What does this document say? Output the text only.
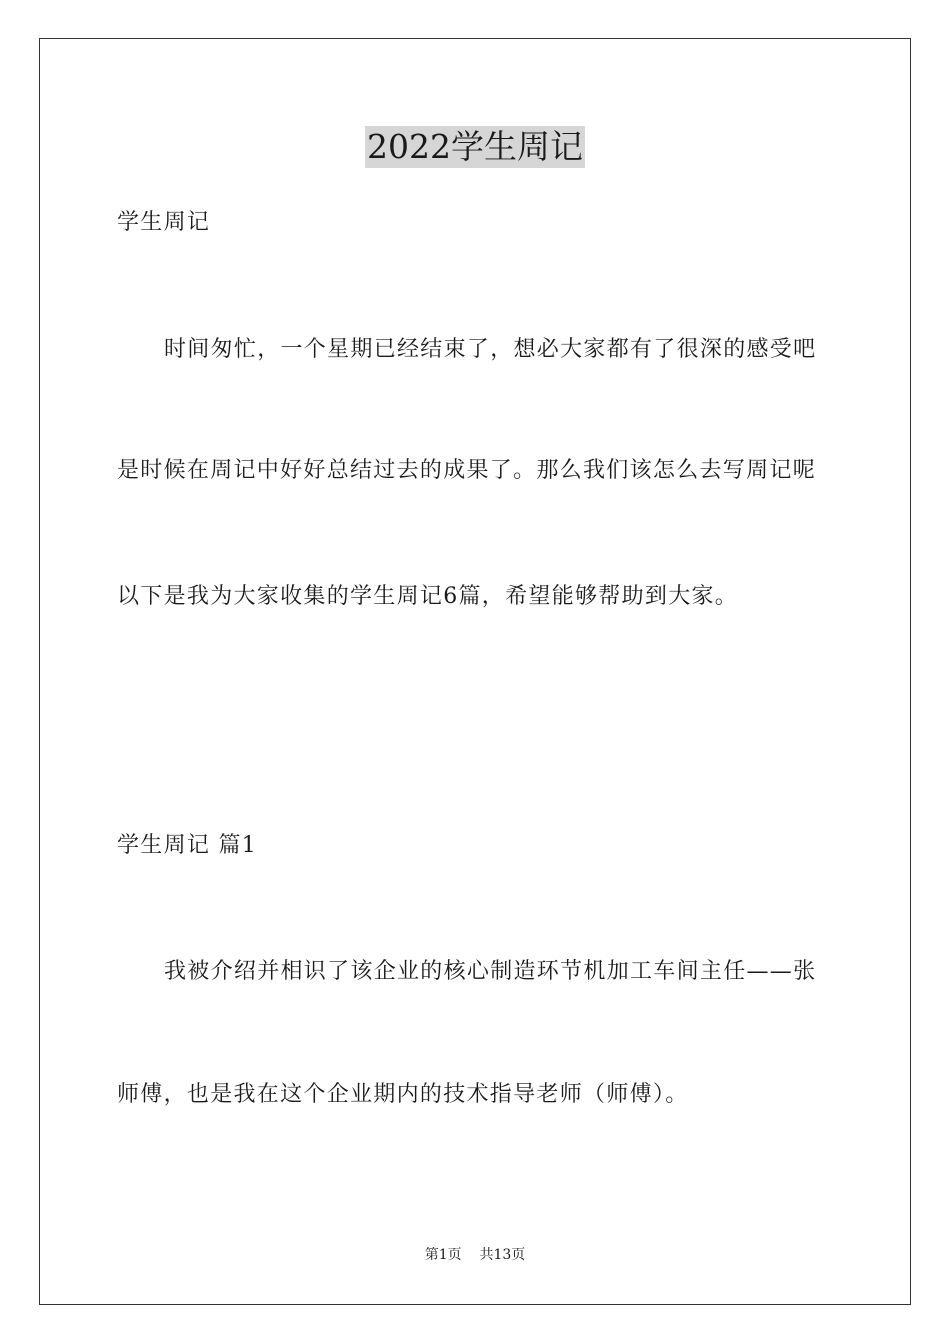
2022学生周记
学生周记
时间匆忙，一个星期已经结束了，想必大家都有了很深的感受吧
是时候在周记中好好总结过去的成果了。那么我们该怎么去写周记呢
以下是我为大家收集的学生周记6篇，希望能够帮助到大家。
学生周记 篇1
我被介绍并相识了该企业的核心制造环节机加工车间主任——张
师傅，也是我在这个企业期内的技术指导老师（师傅）。
第1页    共13页
